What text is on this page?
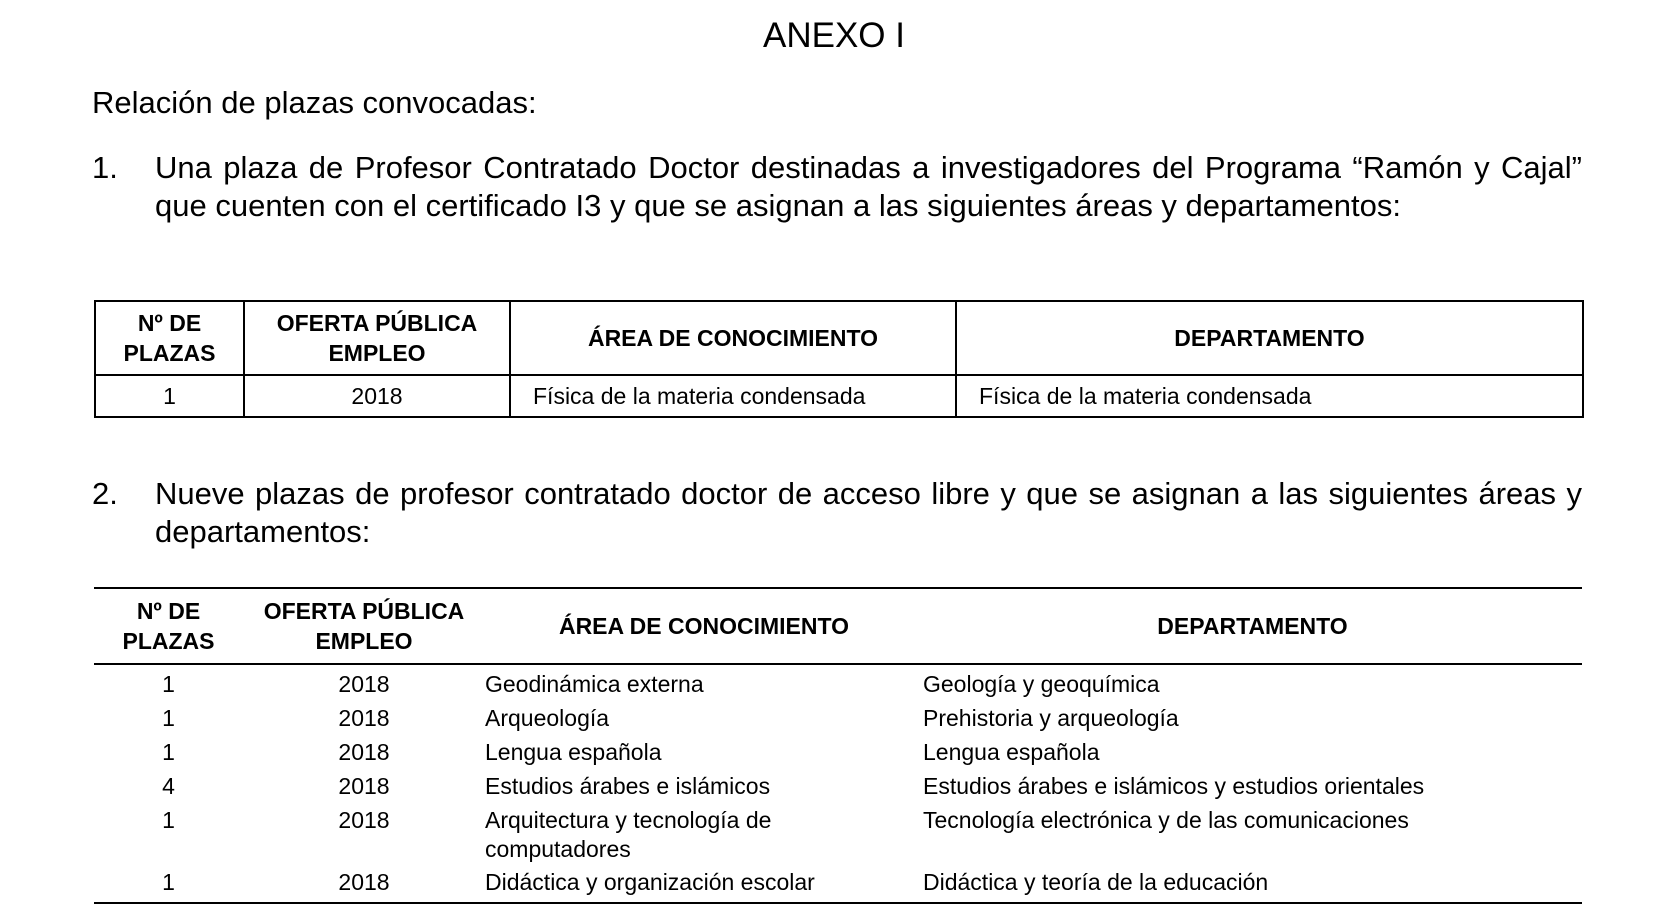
ANEXO I
Relación de plazas convocadas:
1. Una plaza de Profesor Contratado Doctor destinadas a investigadores del Programa “Ramón y Cajal” que cuenten con el certificado I3 y que se asignan a las siguientes áreas y departamentos:
Nº DE PLAZAS	OFERTA PÚBLICA EMPLEO	ÁREA DE CONOCIMIENTO	DEPARTAMENTO
1	2018	Física de la materia condensada	Física de la materia condensada
2. Nueve plazas de profesor contratado doctor de acceso libre y que se asignan a las siguientes áreas y departamentos:
Nº DE PLAZAS	OFERTA PÚBLICA EMPLEO	ÁREA DE CONOCIMIENTO	DEPARTAMENTO
1	2018	Geodinámica externa	Geología y geoquímica
1	2018	Arqueología	Prehistoria y arqueología
1	2018	Lengua española	Lengua española
4	2018	Estudios árabes e islámicos	Estudios árabes e islámicos y estudios orientales
1	2018	Arquitectura y tecnología de computadores	Tecnología electrónica y de las comunicaciones
1	2018	Didáctica y organización escolar	Didáctica y teoría de la educación
